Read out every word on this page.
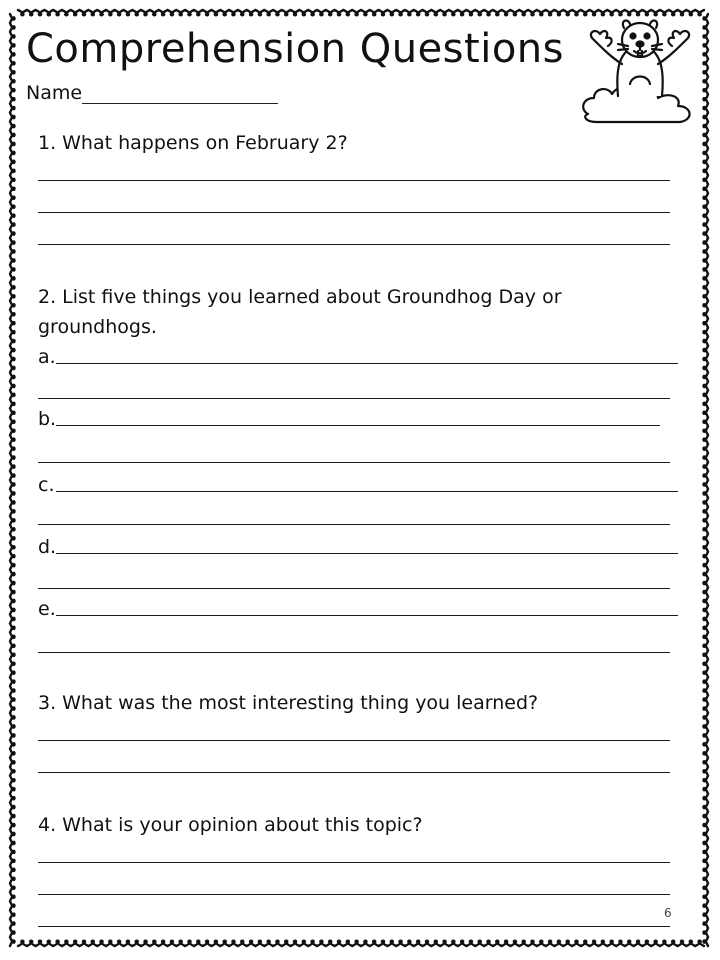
Comprehension Questions
Name
1. What happens on February 2?
2. List five things you learned about Groundhog Day or
groundhogs.
a.
b.
c.
d.
e.
3. What was the most interesting thing you learned?
4. What is your opinion about this topic?
6
